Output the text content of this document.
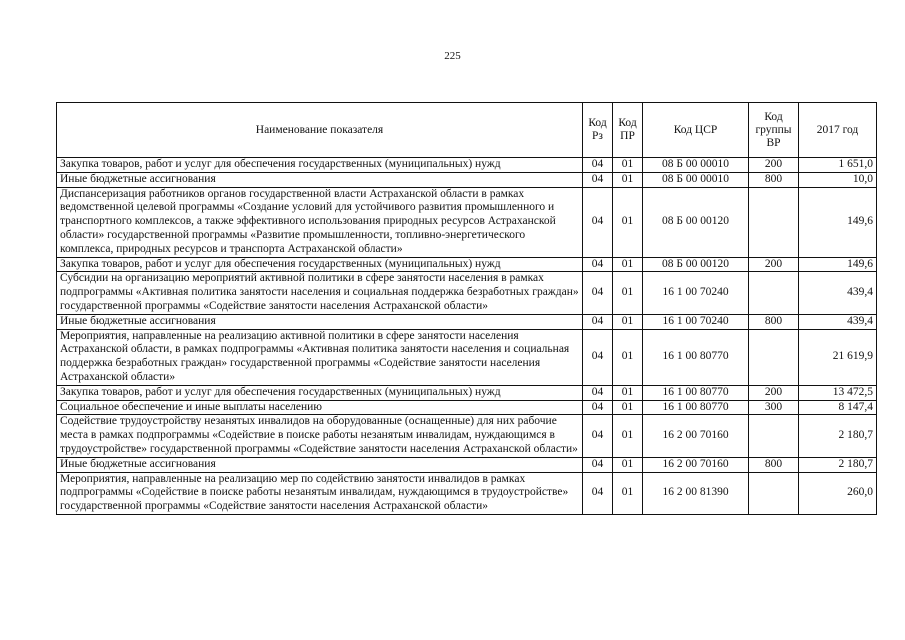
225
Наименование показателя	Код Рз	Код ПР	Код ЦСР	Код группы ВР	2017 год
Закупка товаров, работ и услуг для обеспечения государственных (муниципальных) нужд	04	01	08 Б 00 00010	200	1 651,0
Иные бюджетные ассигнования	04	01	08 Б 00 00010	800	10,0
Диспансеризация работников органов государственной власти Астраханской области в рамках ведомственной целевой программы «Создание условий для устойчивого развития промышленного и транспортного комплексов, а также эффективного использования природных ресурсов Астраханской области» государственной программы «Развитие промышленности, топливно-энергетического комплекса, природных ресурсов и транспорта Астраханской области»	04	01	08 Б 00 00120		149,6
Закупка товаров, работ и услуг для обеспечения государственных (муниципальных) нужд	04	01	08 Б 00 00120	200	149,6
Субсидии на организацию мероприятий активной политики в сфере занятости населения в рамках подпрограммы «Активная политика занятости населения и социальная поддержка безработных граждан» государственной программы «Содействие занятости населения Астраханской области»	04	01	16 1 00 70240		439,4
Иные бюджетные ассигнования	04	01	16 1 00 70240	800	439,4
Мероприятия, направленные на реализацию активной политики в сфере занятости населения Астраханской области, в рамках подпрограммы «Активная политика занятости населения и социальная поддержка безработных граждан» государственной программы «Содействие занятости населения Астраханской области»	04	01	16 1 00 80770		21 619,9
Закупка товаров, работ и услуг для обеспечения государственных (муниципальных) нужд	04	01	16 1 00 80770	200	13 472,5
Социальное обеспечение и иные выплаты населению	04	01	16 1 00 80770	300	8 147,4
Содействие трудоустройству незанятых инвалидов на оборудованные (оснащенные) для них рабочие места в рамках подпрограммы «Содействие в поиске работы незанятым инвалидам, нуждающимся в трудоустройстве» государственной программы «Содействие занятости населения Астраханской области»	04	01	16 2 00 70160		2 180,7
Иные бюджетные ассигнования	04	01	16 2 00 70160	800	2 180,7
Мероприятия, направленные на реализацию мер по содействию занятости инвалидов в рамках подпрограммы «Содействие в поиске работы незанятым инвалидам, нуждающимся в трудоустройстве» государственной программы «Содействие занятости населения Астраханской области»	04	01	16 2 00 81390		260,0
